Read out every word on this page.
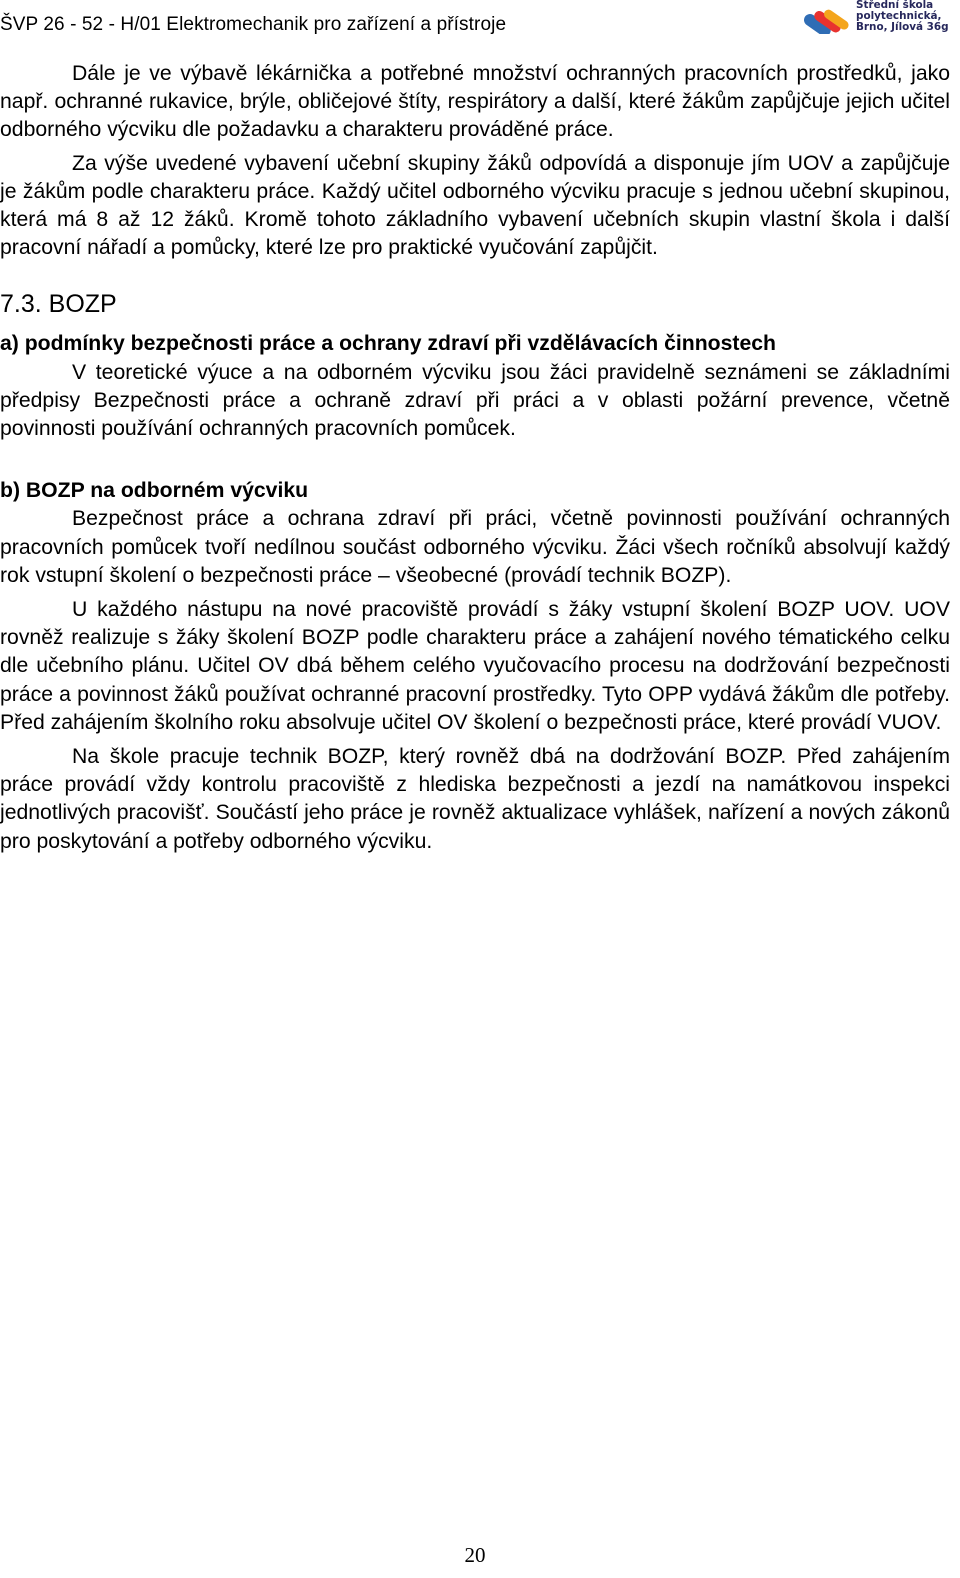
ŠVP 26 - 52 - H/01 Elektromechanik pro zařízení a přístroje
Střední škola
polytechnická,
Brno, Jílová 36g

Dále je ve výbavě lékárnička a potřebné množství ochranných pracovních prostředků, jako např. ochranné rukavice, brýle, obličejové štíty, respirátory a další, které žákům zapůjčuje jejich učitel odborného výcviku dle požadavku a charakteru prováděné práce.

Za výše uvedené vybavení učební skupiny žáků odpovídá a disponuje jím UOV a zapůjčuje je žákům podle charakteru práce. Každý učitel odborného výcviku pracuje s jednou učební skupinou, která má 8 až 12 žáků. Kromě tohoto základního vybavení učebních skupin vlastní škola i další pracovní nářadí a pomůcky, které lze pro praktické vyučování zapůjčit.

7.3. BOZP
a) podmínky bezpečnosti práce a ochrany zdraví při vzdělávacích činnostech

V teoretické výuce a na odborném výcviku jsou žáci pravidelně seznámeni se základními předpisy Bezpečnosti práce a ochraně zdraví při práci a v oblasti požární prevence, včetně povinnosti používání ochranných pracovních pomůcek.

b) BOZP na odborném výcviku

Bezpečnost práce a ochrana zdraví při práci, včetně povinnosti používání ochranných pracovních pomůcek tvoří nedílnou součást odborného výcviku. Žáci všech ročníků absolvují každý rok vstupní školení o bezpečnosti práce – všeobecné (provádí technik BOZP).

U každého nástupu na nové pracoviště provádí s žáky vstupní školení BOZP UOV. UOV rovněž realizuje s žáky školení BOZP podle charakteru práce a zahájení nového tématického celku dle učebního plánu. Učitel OV dbá během celého vyučovacího procesu na dodržování bezpečnosti práce a povinnost žáků používat ochranné pracovní prostředky. Tyto OPP vydává žákům dle potřeby. Před zahájením školního roku absolvuje učitel OV školení o bezpečnosti práce, které provádí VUOV.

Na škole pracuje technik BOZP, který rovněž dbá na dodržování BOZP. Před zahájením práce provádí vždy kontrolu pracoviště z hlediska bezpečnosti a jezdí na namátkovou inspekci jednotlivých pracovišť. Součástí jeho práce je rovněž aktualizace vyhlášek, nařízení a nových zákonů pro poskytování a potřeby odborného výcviku.

20
